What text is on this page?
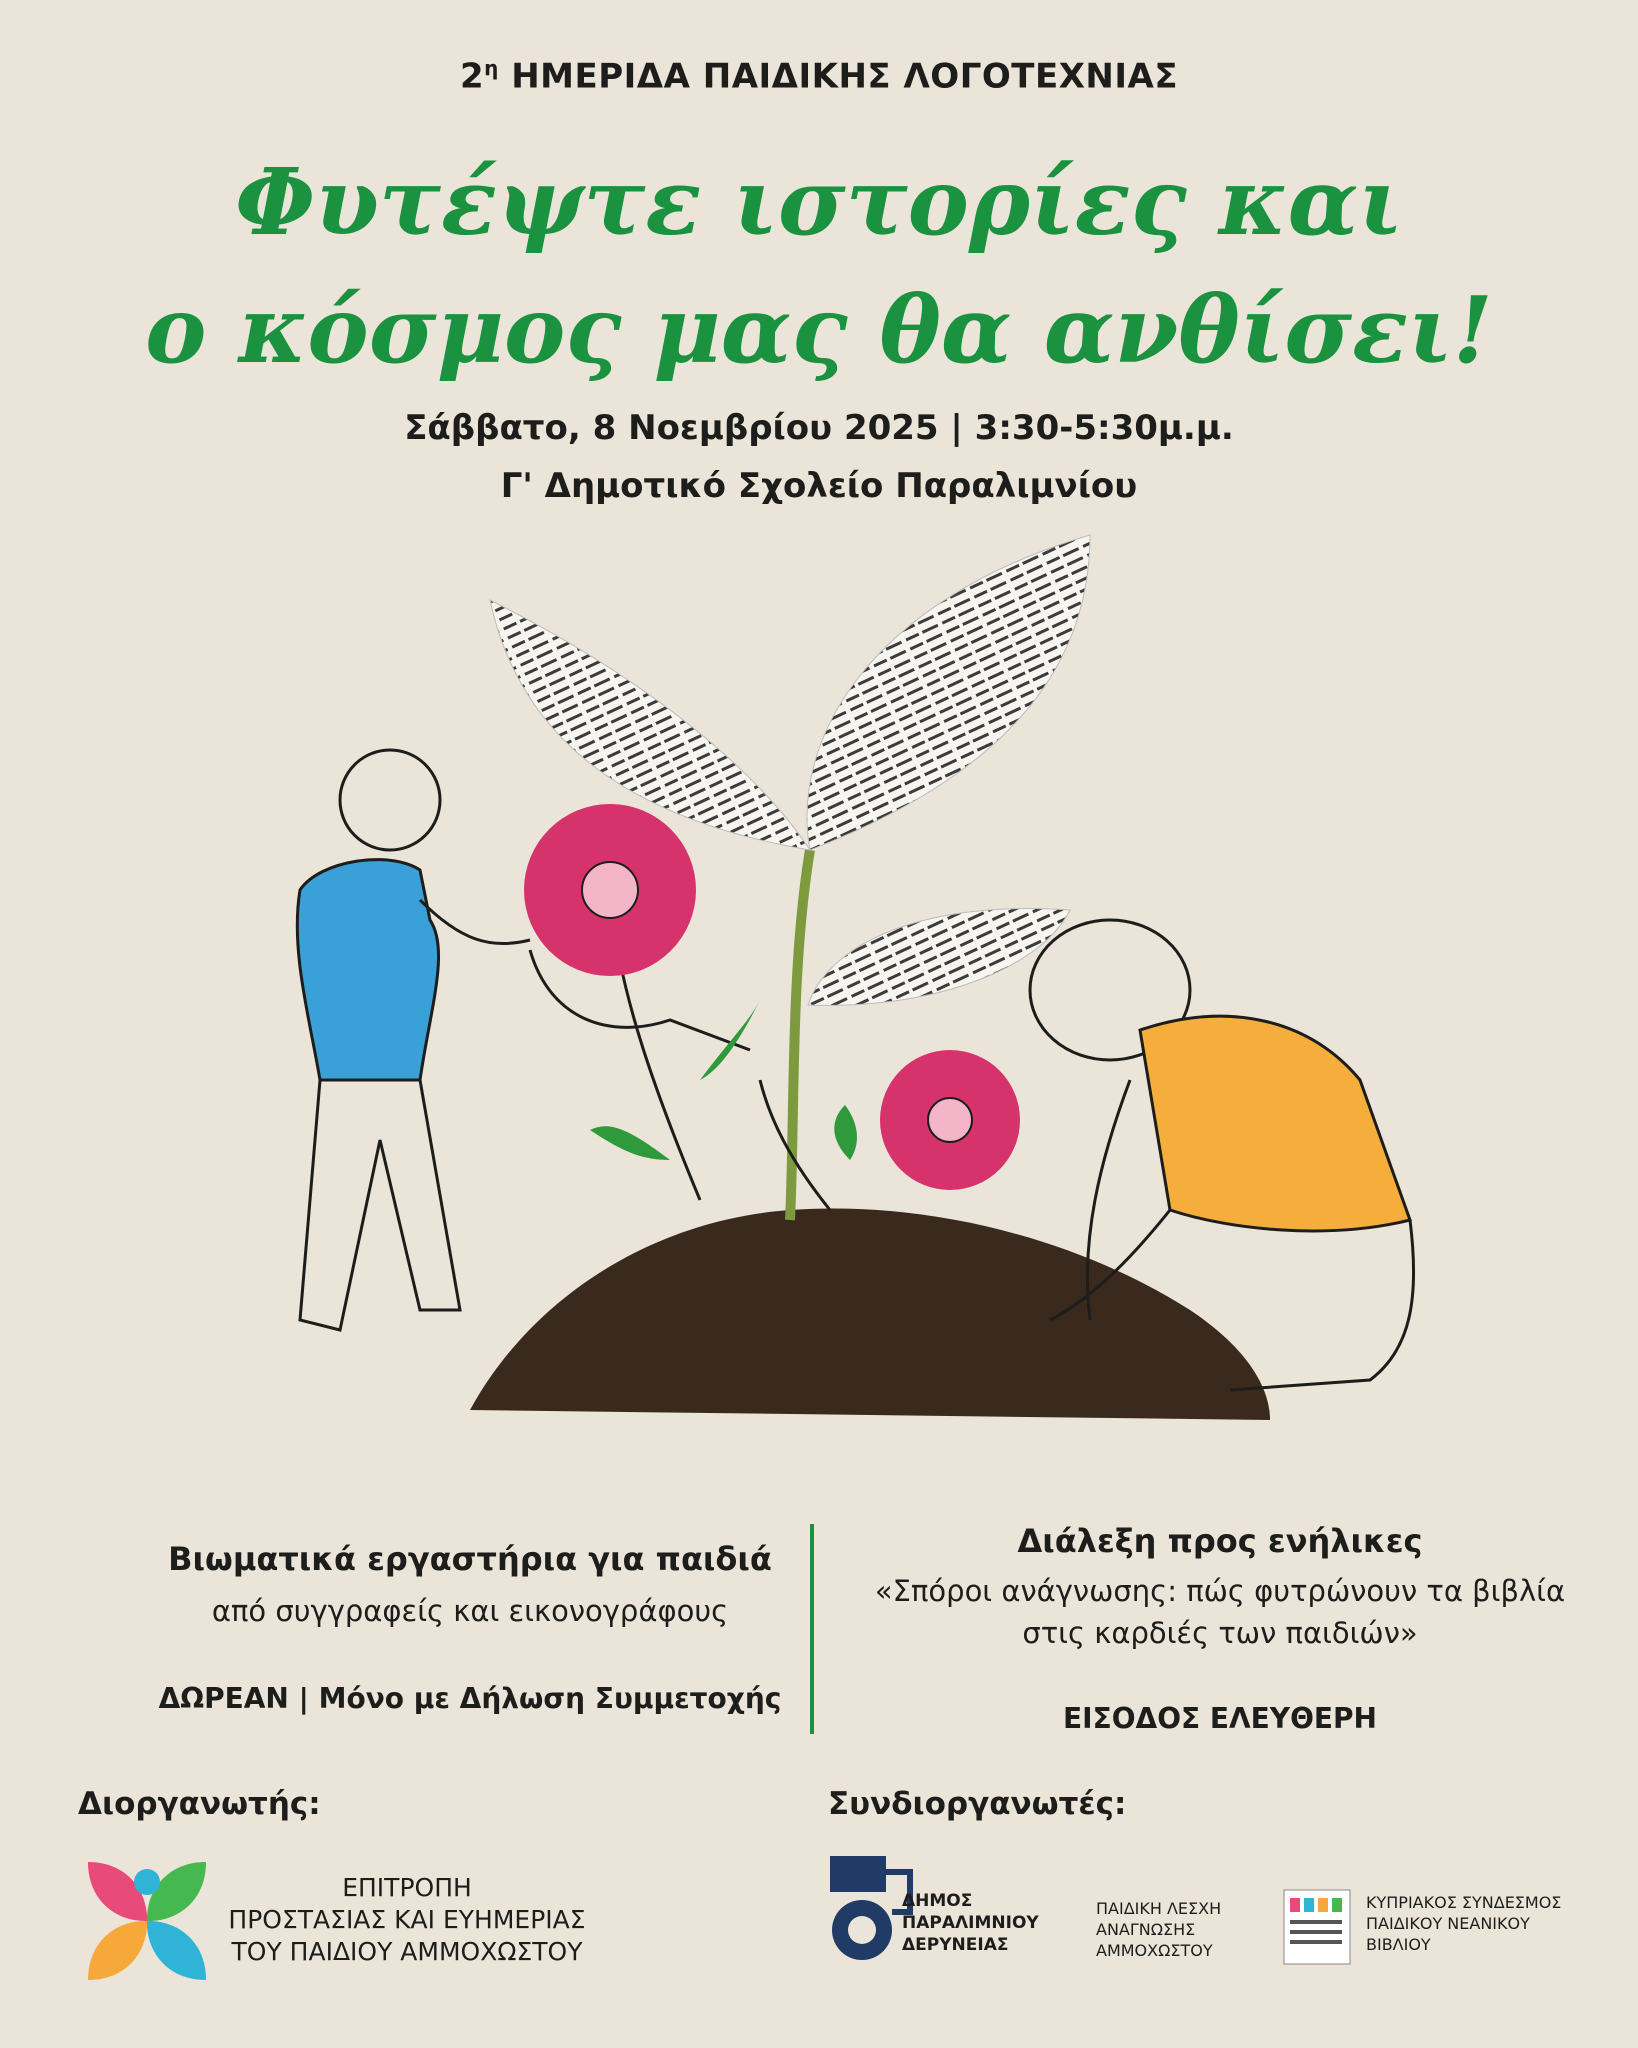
$2^\eta$ ΗΜΕΡΙΔΑ ΠΑΙΔΙΚΗΣ ΛΟΓΟΤΕΧΝΙΑΣ
Φυτέψτε ιστορίες και
ο κόσμος μας θα ανθίσει!
Σάββατο, 8 Νοεμβρίου 2025 | 3:30-5:30μ.μ.
Γ' Δημοτικό Σχολείο Παραλιμνίου
Βιωματικά εργαστήρια για παιδιά
από συγγραφείς και εικονογράφους
ΔΩΡΕΑΝ | Μόνο με Δήλωση Συμμετοχής
Διάλεξη προς ενήλικες
«Σπόροι ανάγνωσης: πώς φυτρώνουν τα βιβλία
στις καρδιές των παιδιών»
ΕΙΣΟΔΟΣ ΕΛΕΥΘΕΡΗ
Διοργανωτής:	Συνδιοργανωτές:
ΕΠΙΤΡΟΠΗ
ΠΡΟΣΤΑΣΙΑΣ ΚΑΙ ΕΥΗΜΕΡΙΑΣ
ΤΟΥ ΠΑΙΔΙΟΥ ΑΜΜΟΧΩΣΤΟΥ
ΔΗΜΟΣ
ΠΑΡΑΛΙΜΝΙΟΥ
ΔΕΡΥΝΕΙΑΣ
ΠΑΙΔΙΚΗ ΛΕΣΧΗ
ΑΝΑΓΝΩΣΗΣ
ΑΜΜΟΧΩΣΤΟΥ
ΚΥΠΡΙΑΚΟΣ ΣΥΝΔΕΣΜΟΣ
ΠΑΙΔΙΚΟΥ ΝΕΑΝΙΚΟΥ
ΒΙΒΛΙΟΥ
